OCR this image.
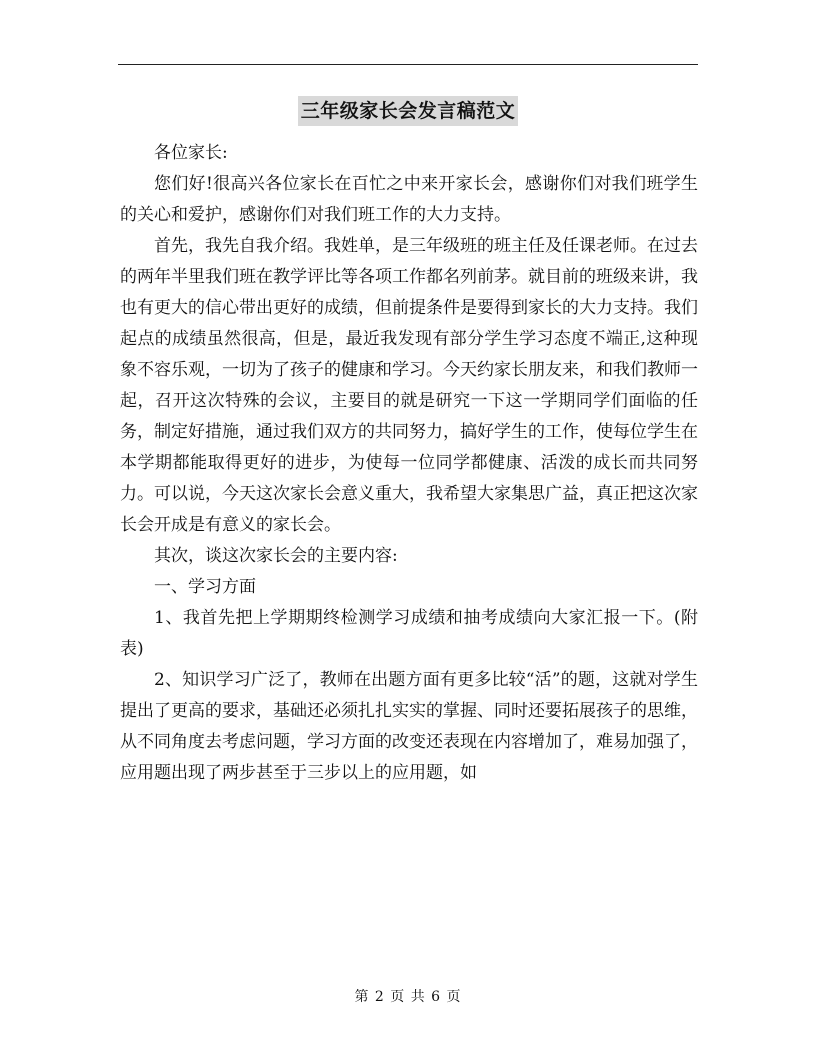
三年级家长会发言稿范文

各位家长:

您们好!很高兴各位家长在百忙之中来开家长会，感谢你们对我们班学生的关心和爱护，感谢你们对我们班工作的大力支持。

首先，我先自我介绍。我姓单，是三年级班的班主任及任课老师。在过去的两年半里我们班在教学评比等各项工作都名列前茅。就目前的班级来讲，我也有更大的信心带出更好的成绩，但前提条件是要得到家长的大力支持。我们起点的成绩虽然很高，但是，最近我发现有部分学生学习态度不端正,这种现象不容乐观，一切为了孩子的健康和学习。今天约家长朋友来，和我们教师一起，召开这次特殊的会议，主要目的就是研究一下这一学期同学们面临的任务，制定好措施，通过我们双方的共同努力，搞好学生的工作，使每位学生在本学期都能取得更好的进步，为使每一位同学都健康、活泼的成长而共同努力。可以说，今天这次家长会意义重大，我希望大家集思广益，真正把这次家长会开成是有意义的家长会。

其次，谈这次家长会的主要内容:

一、学习方面

1、我首先把上学期期终检测学习成绩和抽考成绩向大家汇报一下。(附表)

2、知识学习广泛了，教师在出题方面有更多比较“活”的题，这就对学生提出了更高的要求，基础还必须扎扎实实的掌握、同时还要拓展孩子的思维，从不同角度去考虑问题，学习方面的改变还表现在内容增加了，难易加强了，应用题出现了两步甚至于三步以上的应用题，如

第 2 页 共 6 页
